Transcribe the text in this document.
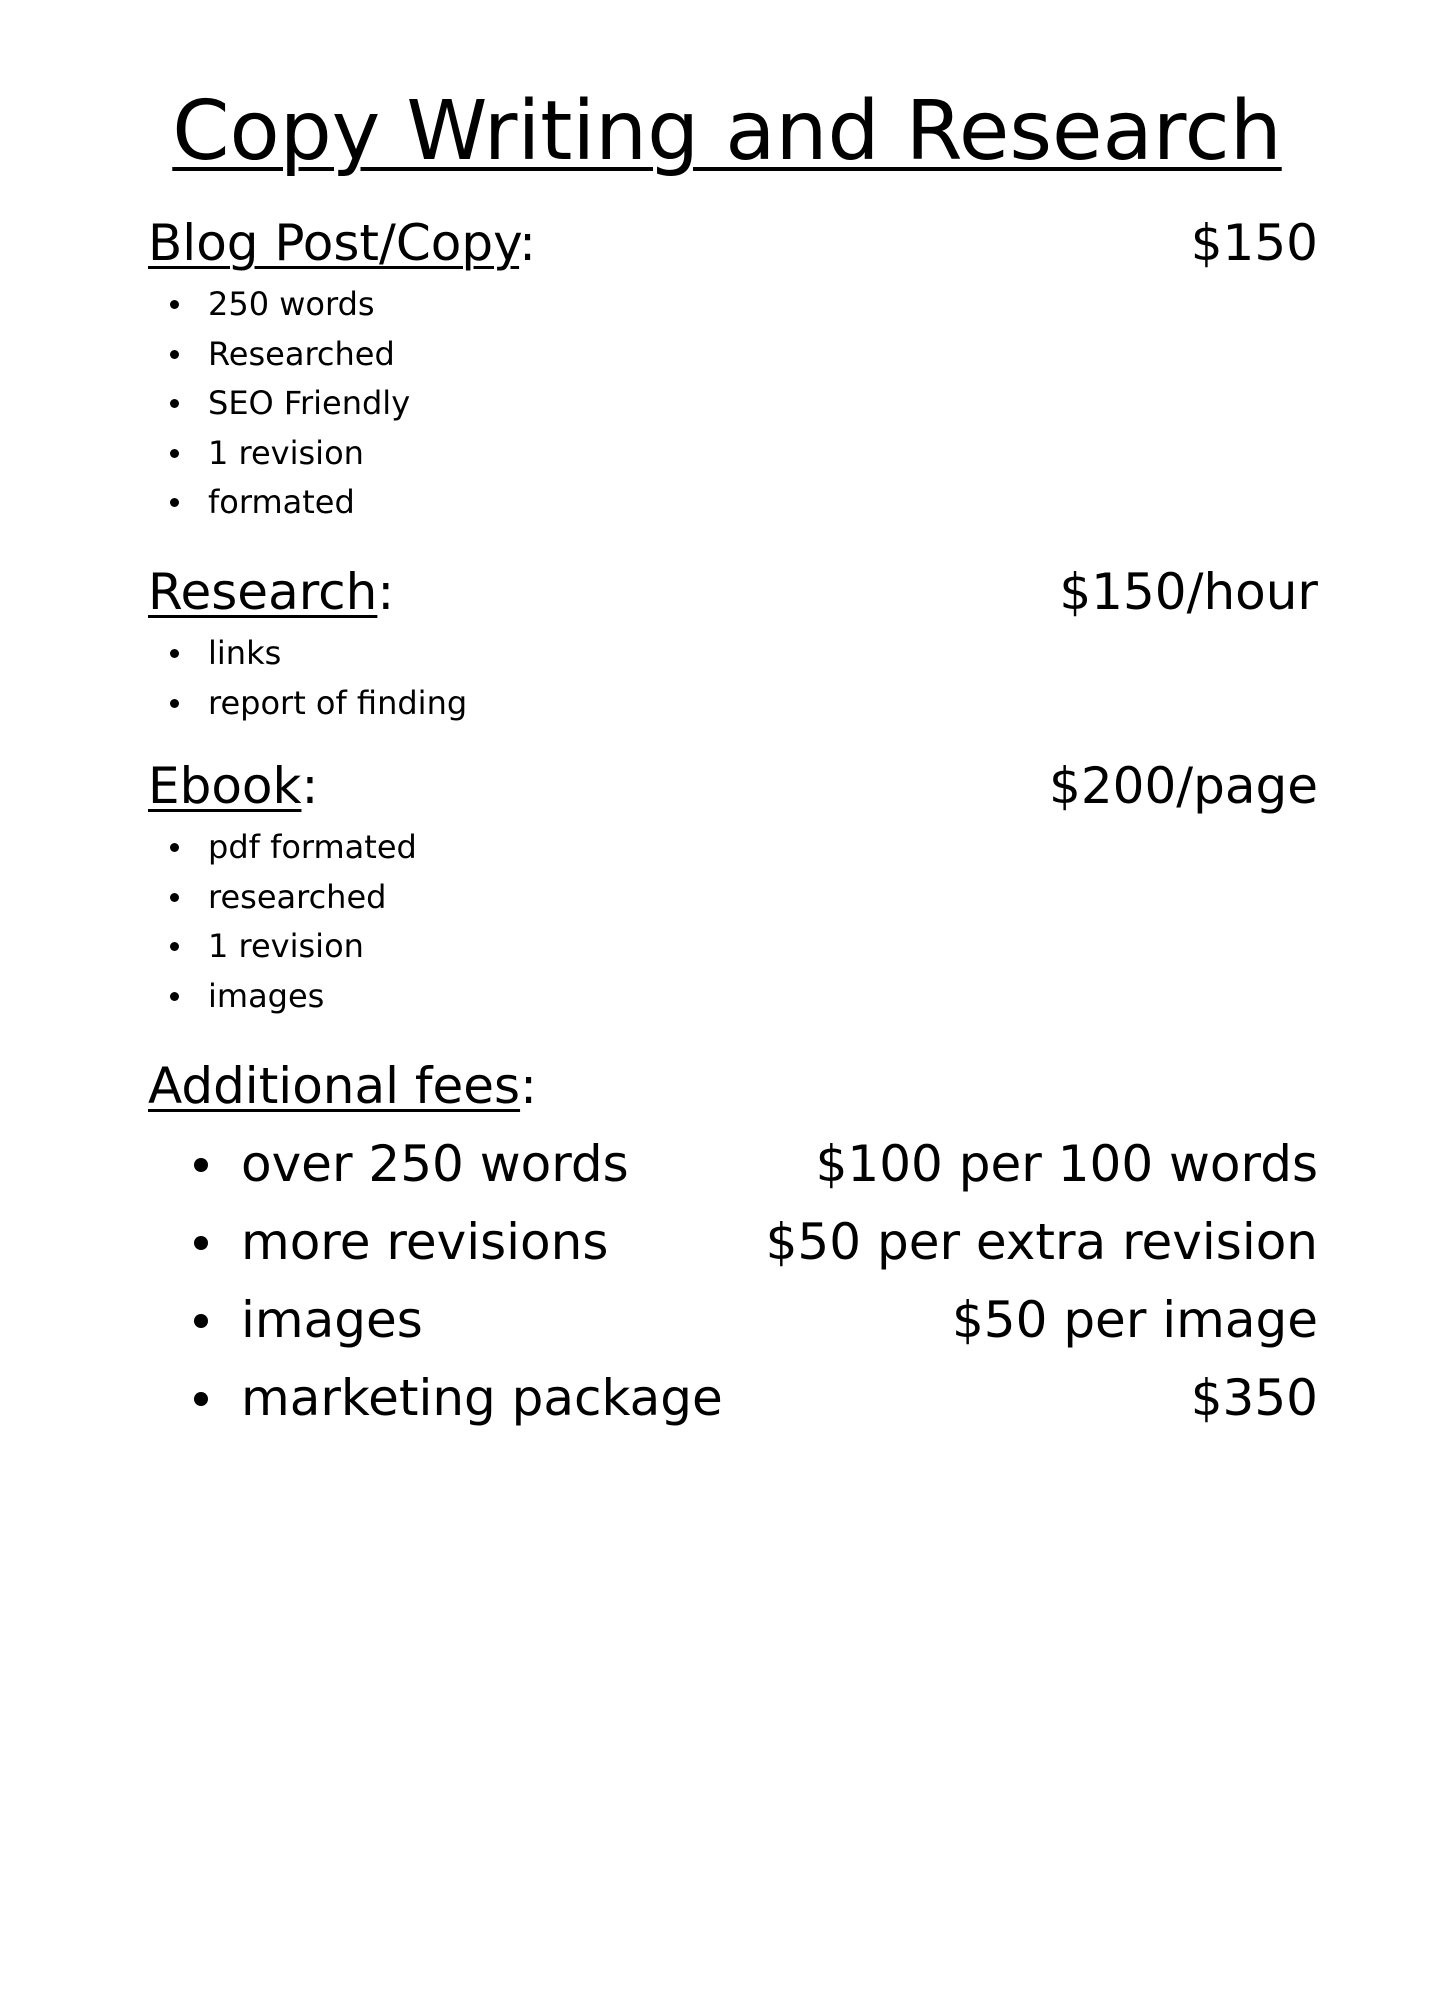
Copy Writing and Research
Blog Post/Copy:	$150
250 words
Researched
SEO Friendly
1 revision
formated
Research:	$150/hour
links
report of finding
Ebook:	$200/page
pdf formated
researched
1 revision
images
Additional fees:
over 250 words	$100 per 100 words
more revisions	$50 per extra revision
images	$50 per image
marketing package	$350
